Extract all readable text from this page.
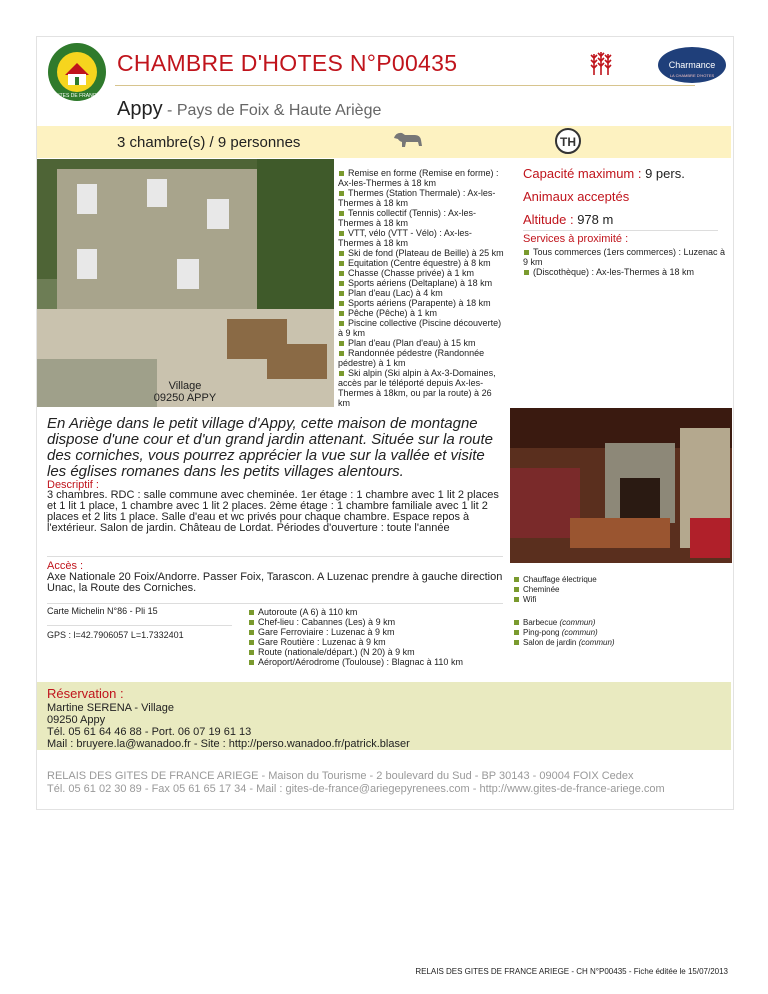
GITES DE FRANCE
CHAMBRE D'HOTES N°P00435	Charmance
LA CHAMBRE D'HOTES
Appy - Pays de Foix & Haute Ariège
3 chambre(s) / 9 personnes	TH
Village
09250 APPY
Remise en forme (Remise en forme) : Ax-les-Thermes à 18 km
Thermes (Station Thermale) : Ax-les-Thermes à 18 km
Tennis collectif (Tennis) : Ax-les-Thermes à 18 km
VTT, vélo (VTT - Vélo) : Ax-les-Thermes à 18 km
Ski de fond (Plateau de Beille) à 25 km
Equitation (Centre équestre) à 8 km
Chasse (Chasse privée) à 1 km
Sports aériens (Deltaplane) à 18 km
Plan d'eau (Lac) à 4 km
Sports aériens (Parapente) à 18 km
Pêche (Pêche) à 1 km
Piscine collective (Piscine découverte) à 9 km
Plan d'eau (Plan d'eau) à 15 km
Randonnée pédestre (Randonnée pédestre) à 1 km
Ski alpin (Ski alpin à Ax-3-Domaines, accès par le téléporté depuis Ax-les-Thermes à 18km, ou par la route) à 26 km
Capacité maximum : 9 pers.
Animaux acceptés
Altitude : 978 m
Services à proximité :
Tous commerces (1ers commerces) : Luzenac à 9 km
(Discothèque) : Ax-les-Thermes à 18 km
En Ariège dans le petit village d'Appy, cette maison de montagne dispose d'une cour et d'un grand jardin attenant. Située sur la route des corniches, vous pourrez apprécier la vue sur la vallée et visite les églises romanes dans les petits villages alentours.
Descriptif :
3 chambres. RDC : salle commune avec cheminée. 1er étage : 1 chambre avec 1 lit 2 places et 1 lit 1 place, 1 chambre avec 1 lit 2 places. 2ème étage : 1 chambre familiale avec 1 lit 2 places et 2 lits 1 place. Salle d'eau et wc privés pour chaque chambre. Espace repos à l'extérieur. Salon de jardin. Château de Lordat. Périodes d'ouverture : toute l'année
Accès :
Axe Nationale 20 Foix/Andorre. Passer Foix, Tarascon. A Luzenac prendre à gauche direction Unac, la Route des Corniches.
Carte Michelin N°86 - Pli 15
GPS : l=42.7906057 L=1.7332401
Autoroute (A 6) à 110 km
Chef-lieu : Cabannes (Les) à 9 km
Gare Ferroviaire : Luzenac à 9 km
Gare Routière : Luzenac à 9 km
Route (nationale/départ.) (N 20) à 9 km
Aéroport/Aérodrome (Toulouse) : Blagnac à 110 km
Chauffage électrique
Cheminée
Wifi
Barbecue (commun)
Ping-pong (commun)
Salon de jardin (commun)
Réservation :
Martine SERENA - Village
09250 Appy
Tél. 05 61 64 46 88 - Port. 06 07 19 61 13
Mail : bruyere.la@wanadoo.fr - Site : http://perso.wanadoo.fr/patrick.blaser
RELAIS DES GITES DE FRANCE ARIEGE - Maison du Tourisme - 2 boulevard du Sud - BP 30143 - 09004 FOIX Cedex
Tél. 05 61 02 30 89 - Fax 05 61 65 17 34 - Mail : gites-de-france@ariegepyrenees.com - http://www.gites-de-france-ariege.com
RELAIS DES GITES DE FRANCE ARIEGE - CH N°P00435 - Fiche éditée le 15/07/2013
